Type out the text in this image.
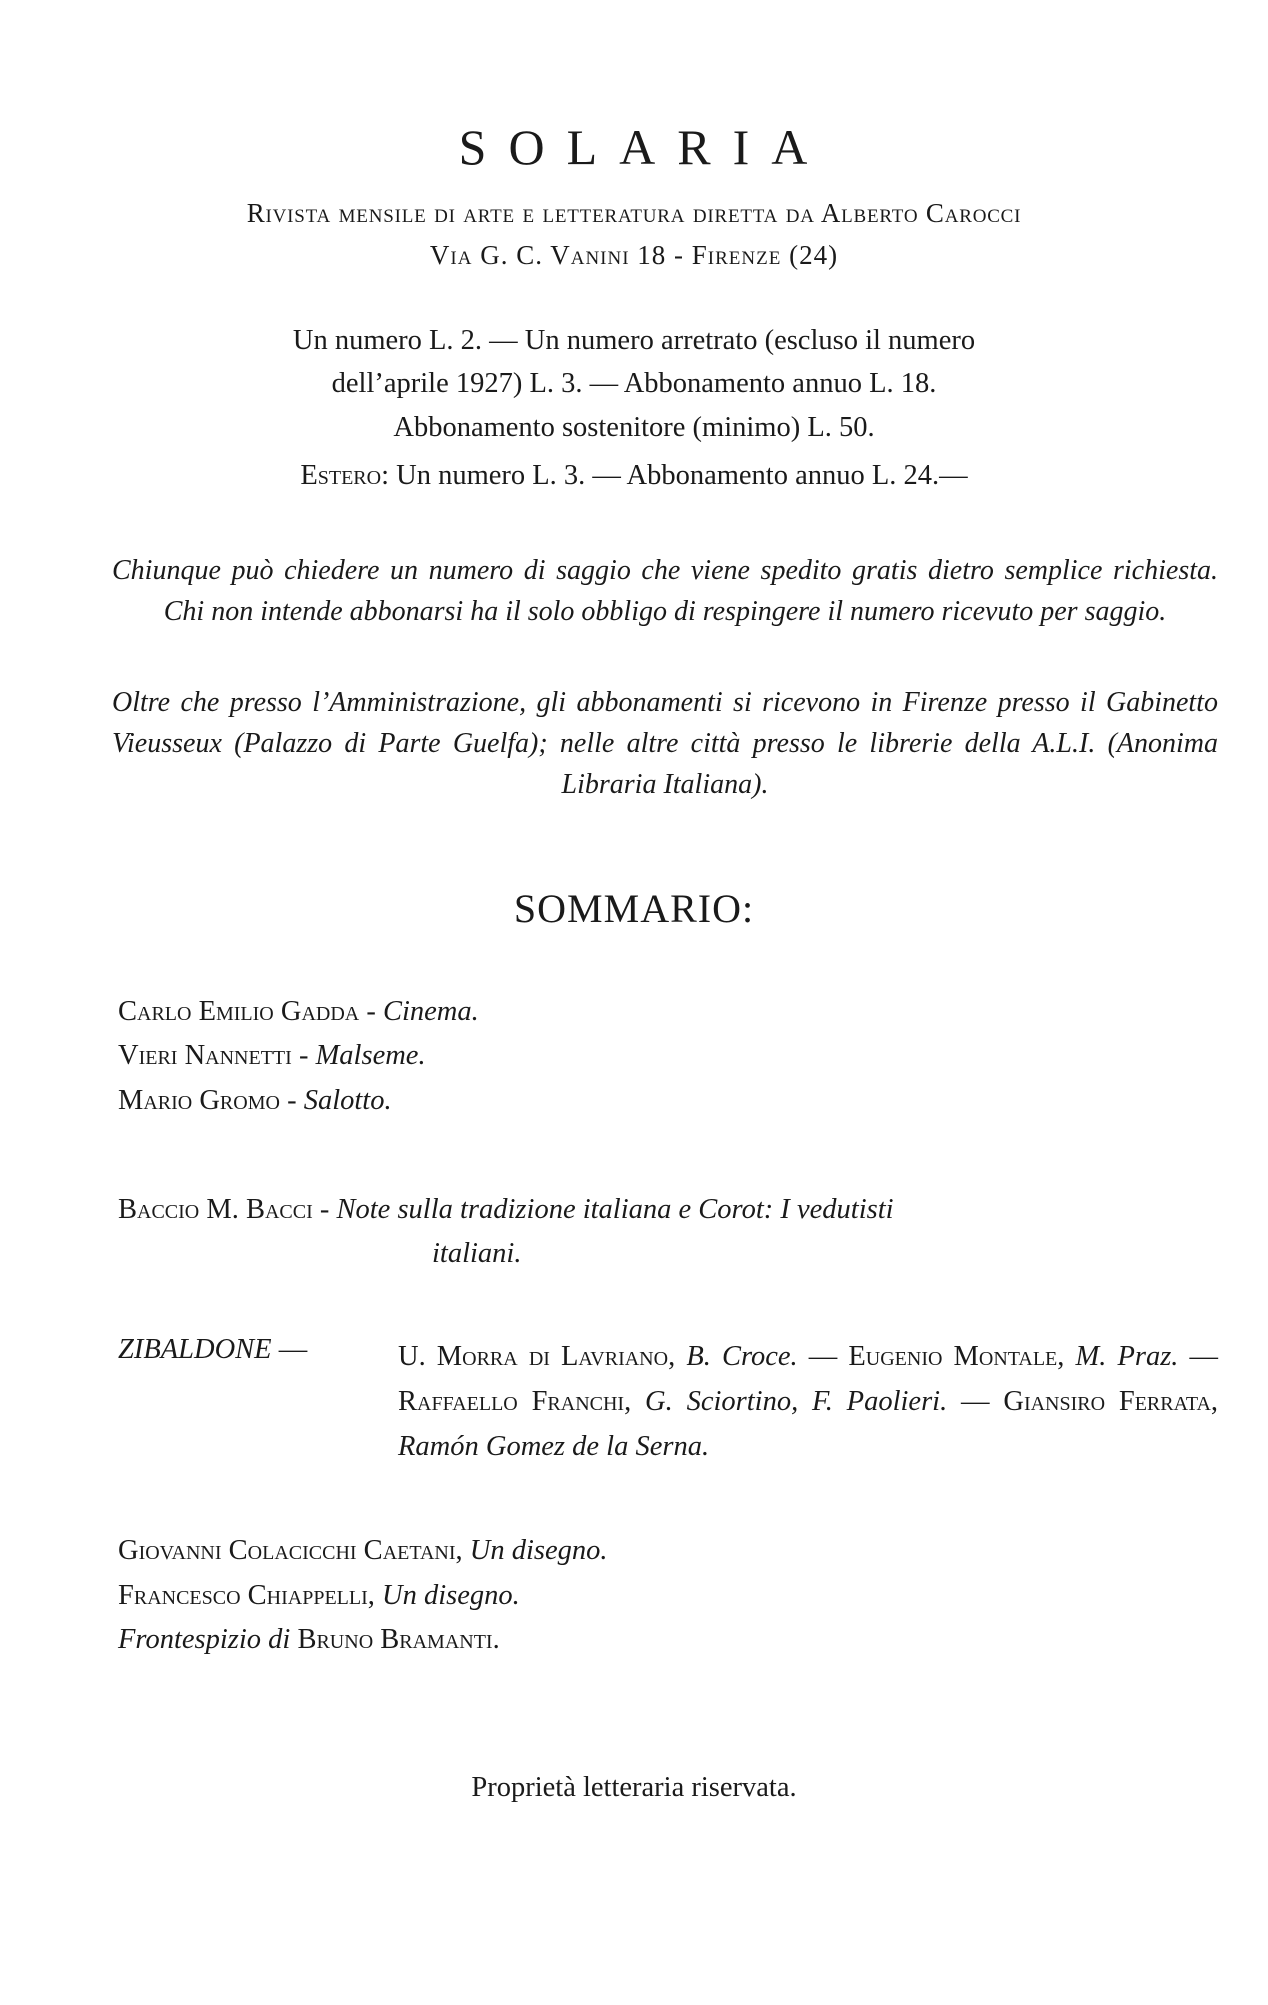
SOLARIA
Rivista mensile di arte e letteratura diretta da Alberto Carocci
Via G. C. Vanini 18 - Firenze (24)
Un numero L. 2. — Un numero arretrato (escluso il numero
dell’aprile 1927) L. 3. — Abbonamento annuo L. 18.
Abbonamento sostenitore (minimo) L. 50.
Estero: Un numero L. 3. — Abbonamento annuo L. 24.—
Chiunque può chiedere un numero di saggio che viene spedito gratis dietro semplice richiesta. Chi non intende abbonarsi ha il solo obbligo di respingere il numero ricevuto per saggio.
Oltre che presso l’Amministrazione, gli abbonamenti si ricevono in Firenze presso il Gabinetto Vieusseux (Palazzo di Parte Guelfa); nelle altre città presso le librerie della A.L.I. (Anonima Libraria Italiana).
SOMMARIO:
Carlo Emilio Gadda - Cinema.
Vieri Nannetti - Malseme.
Mario Gromo - Salotto.
Baccio M. Bacci - Note sulla tradizione italiana e Corot: I vedutisti
italiani.
ZIBALDONE —	U. Morra di Lavriano, B. Croce. — Eugenio Montale, M. Praz. — Raffaello Franchi, G. Sciortino, F. Paolieri. — Giansiro Ferrata, Ramón Gomez de la Serna.
Giovanni Colacicchi Caetani, Un disegno.
Francesco Chiappelli, Un disegno.
Frontespizio di Bruno Bramanti.
Proprietà letteraria riservata.
